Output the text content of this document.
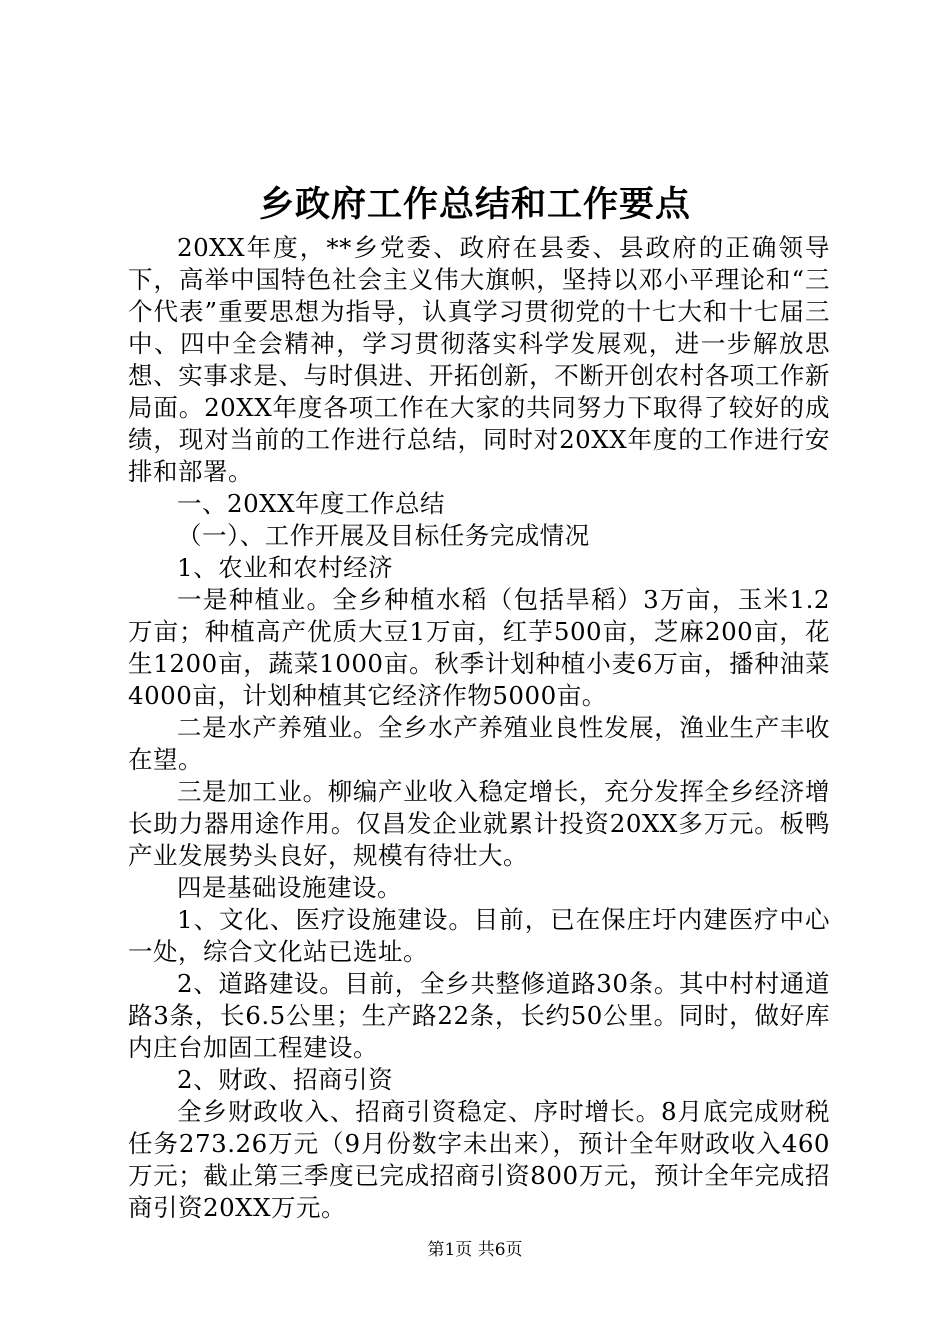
乡政府工作总结和工作要点

20XX年度，**乡党委、政府在县委、县政府的正确领导下，高举中国特色社会主义伟大旗帜，坚持以邓小平理论和“三个代表”重要思想为指导，认真学习贯彻党的十七大和十七届三中、四中全会精神，学习贯彻落实科学发展观，进一步解放思想、实事求是、与时俱进、开拓创新，不断开创农村各项工作新局面。20XX年度各项工作在大家的共同努力下取得了较好的成绩，现对当前的工作进行总结，同时对20XX年度的工作进行安排和部署。

一、20XX年度工作总结

（一）、工作开展及目标任务完成情况

1、农业和农村经济

一是种植业。全乡种植水稻（包括旱稻）3万亩，玉米1.2万亩；种植高产优质大豆1万亩，红芋500亩，芝麻200亩，花生1200亩，蔬菜1000亩。秋季计划种植小麦6万亩，播种油菜4000亩，计划种植其它经济作物5000亩。

二是水产养殖业。全乡水产养殖业良性发展，渔业生产丰收在望。

三是加工业。柳编产业收入稳定增长，充分发挥全乡经济增长助力器用途作用。仅昌发企业就累计投资20XX多万元。板鸭产业发展势头良好，规模有待壮大。

四是基础设施建设。

1、文化、医疗设施建设。目前，已在保庄圩内建医疗中心一处，综合文化站已选址。

2、道路建设。目前，全乡共整修道路30条。其中村村通道路3条，长6.5公里；生产路22条，长约50公里。同时，做好库内庄台加固工程建设。

2、财政、招商引资

全乡财政收入、招商引资稳定、序时增长。8月底完成财税任务273.26万元（9月份数字未出来），预计全年财政收入460万元；截止第三季度已完成招商引资800万元，预计全年完成招商引资20XX万元。

第1页 共6页
